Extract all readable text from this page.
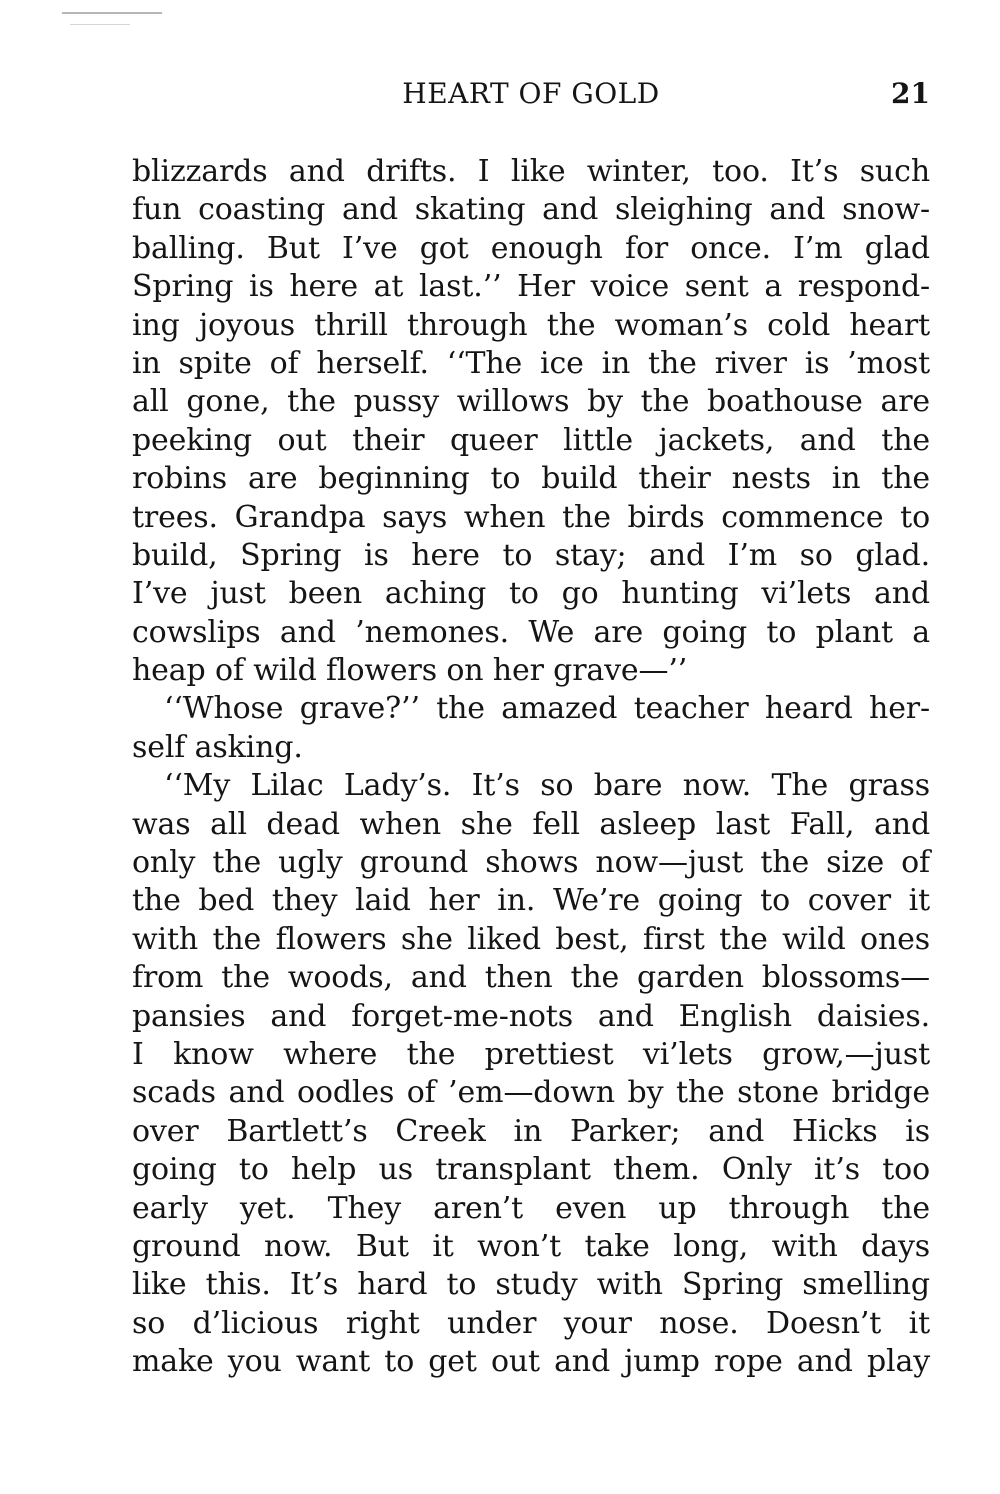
HEART OF GOLD	21
blizzards and drifts. I like winter, too. It’s such
fun coasting and skating and sleighing and snow-
balling. But I’ve got enough for once. I’m glad
Spring is here at last.’’ Her voice sent a respond-
ing joyous thrill through the woman’s cold heart
in spite of herself. ‘‘The ice in the river is ’most
all gone, the pussy willows by the boathouse are
peeking out their queer little jackets, and the
robins are beginning to build their nests in the
trees. Grandpa says when the birds commence to
build, Spring is here to stay; and I’m so glad.
I’ve just been aching to go hunting vi’lets and
cowslips and ’nemones. We are going to plant a
heap of wild flowers on her grave—’’
‘‘Whose grave?’’ the amazed teacher heard her-
self asking.
‘‘My Lilac Lady’s. It’s so bare now. The grass
was all dead when she fell asleep last Fall, and
only the ugly ground shows now—just the size of
the bed they laid her in. We’re going to cover it
with the flowers she liked best, first the wild ones
from the woods, and then the garden blossoms—
pansies and forget-me-nots and English daisies.
I know where the prettiest vi’lets grow,—just
scads and oodles of ’em—down by the stone bridge
over Bartlett’s Creek in Parker; and Hicks is
going to help us transplant them. Only it’s too
early yet. They aren’t even up through the
ground now. But it won’t take long, with days
like this. It’s hard to study with Spring smelling
so d’licious right under your nose. Doesn’t it
make you want to get out and jump rope and play
